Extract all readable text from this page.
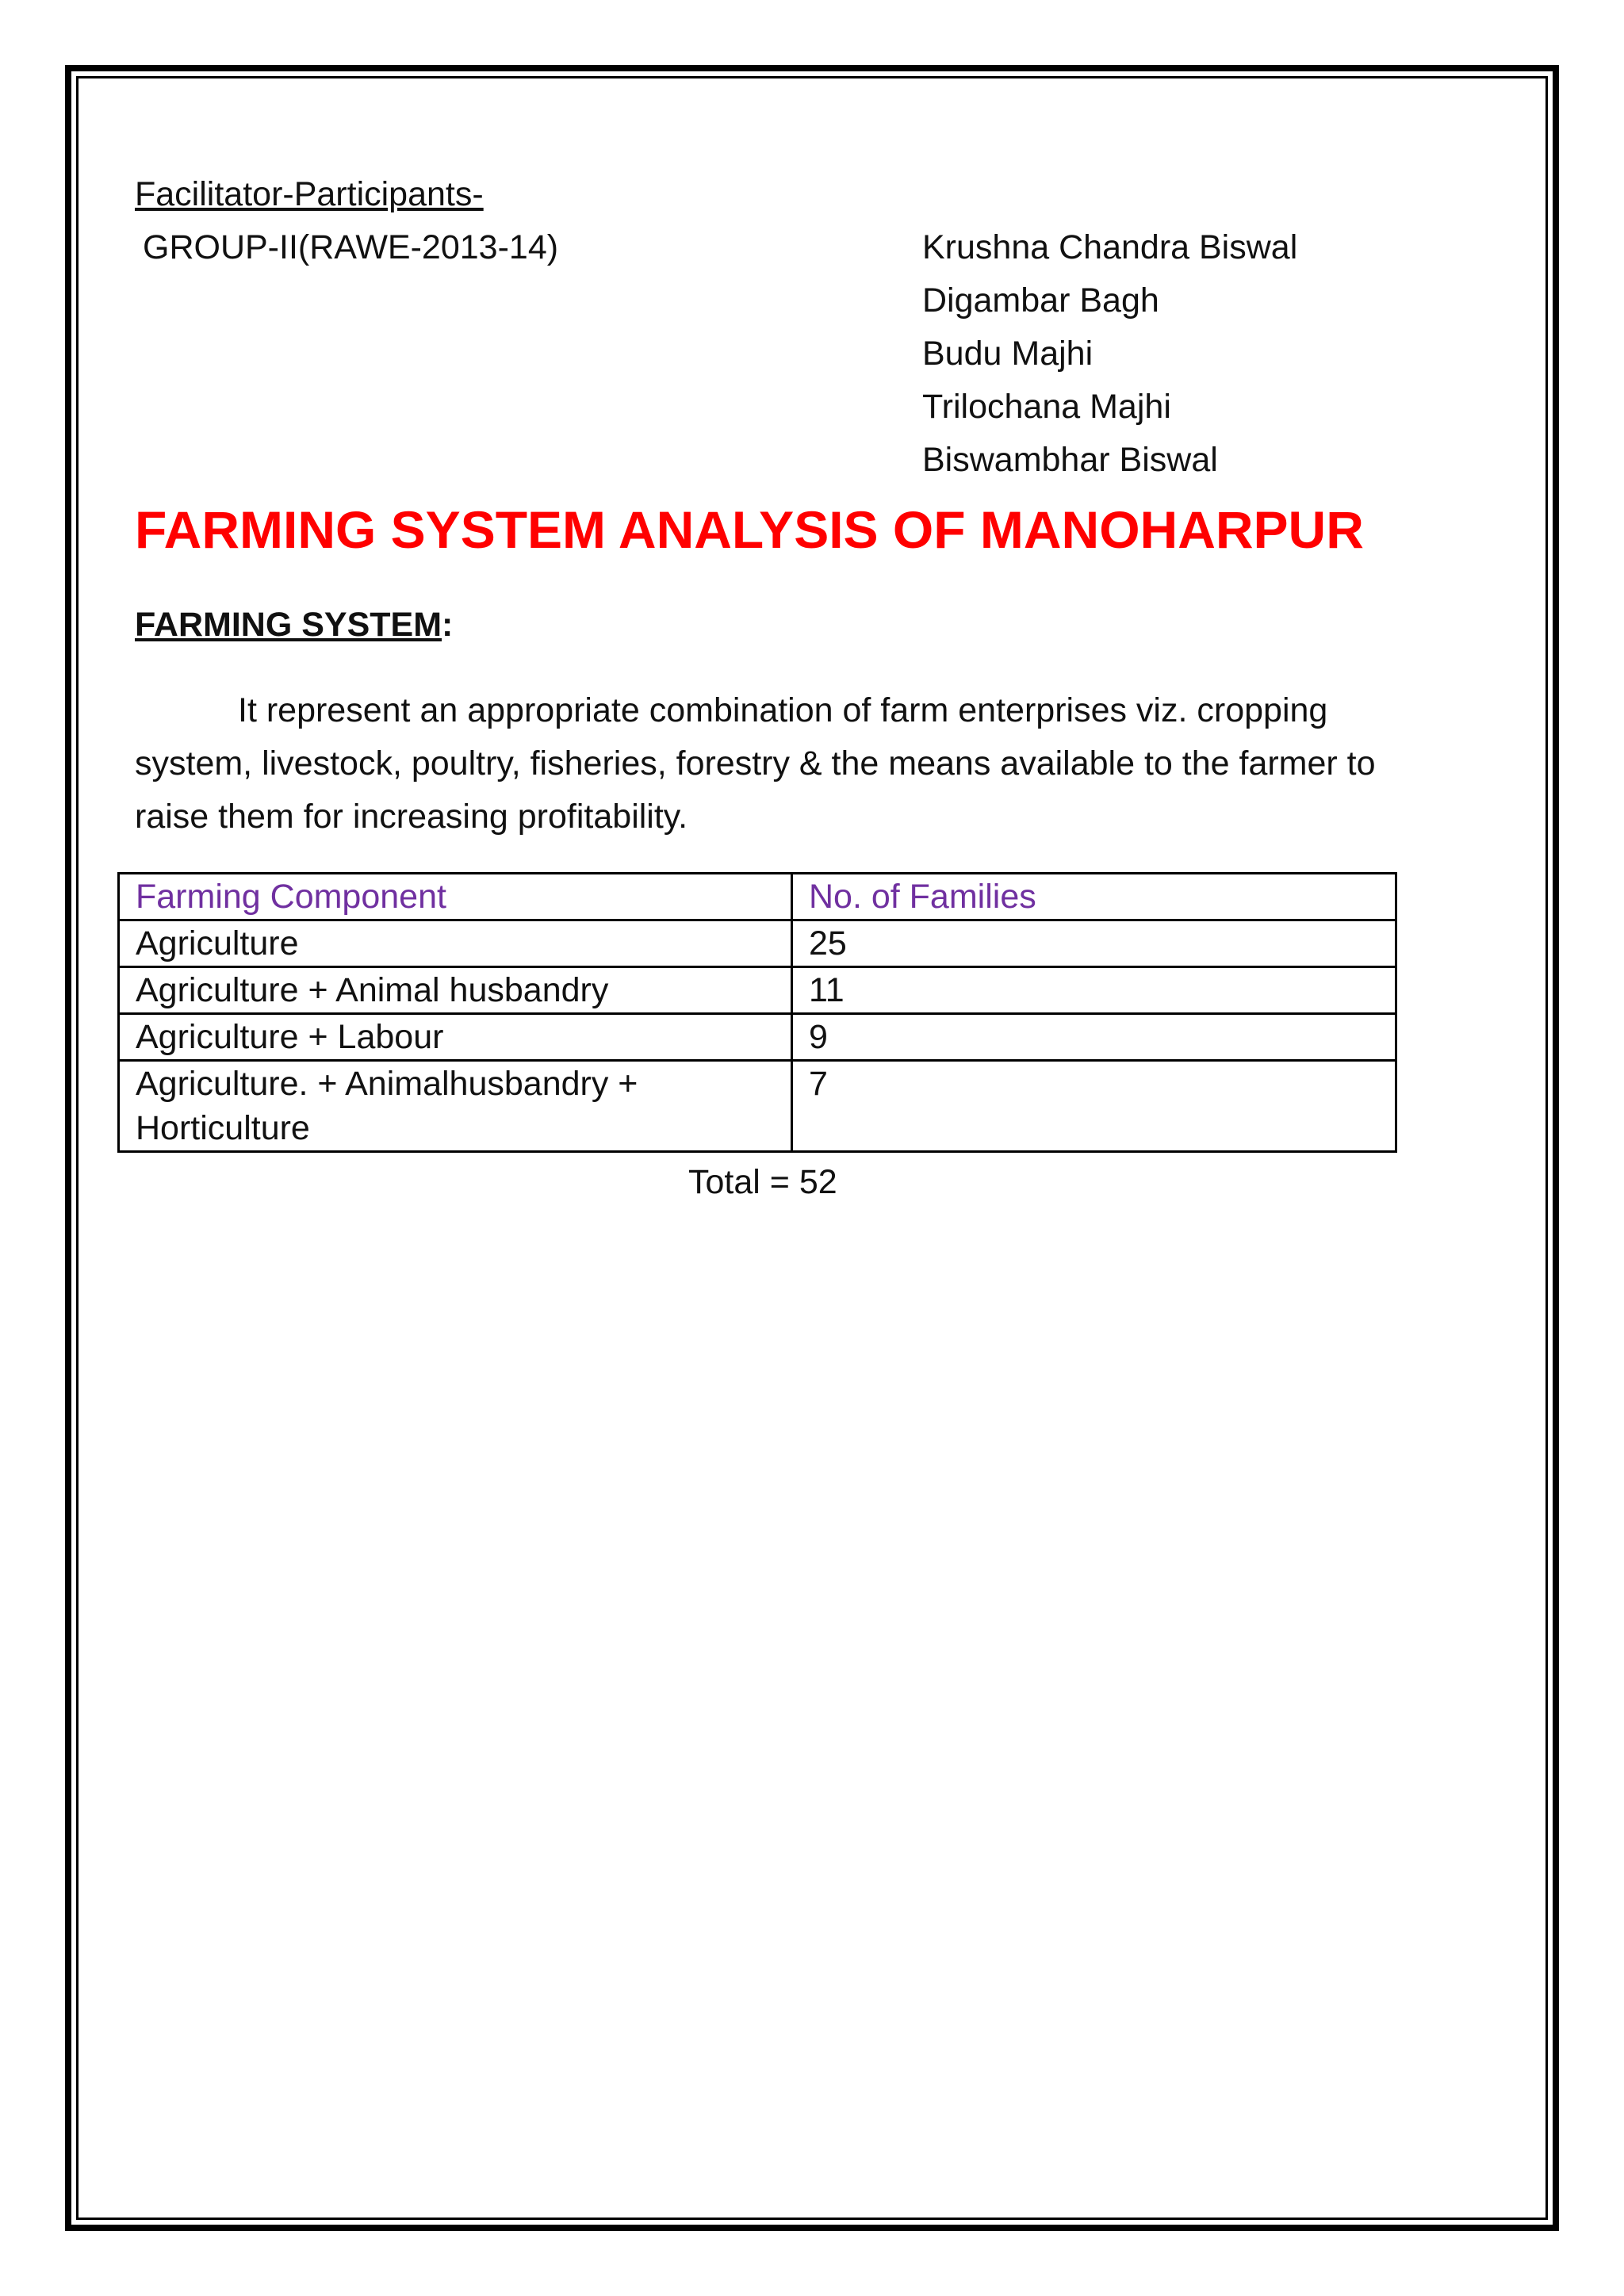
Facilitator-Participants-
GROUP-II(RAWE-2013-14)	Krushna Chandra Biswal
Digambar Bagh
Budu Majhi
Trilochana Majhi
Biswambhar Biswal
FARMING SYSTEM ANALYSIS OF MANOHARPUR
FARMING SYSTEM:
It represent an appropriate combination of farm enterprises viz. cropping system, livestock, poultry, fisheries, forestry & the means available to the farmer to raise them for increasing profitability.
Farming Component	No. of Families
Agriculture	25
Agriculture + Animal husbandry	11
Agriculture + Labour	9
Agriculture. + Animalhusbandry + Horticulture	7
Total = 52
